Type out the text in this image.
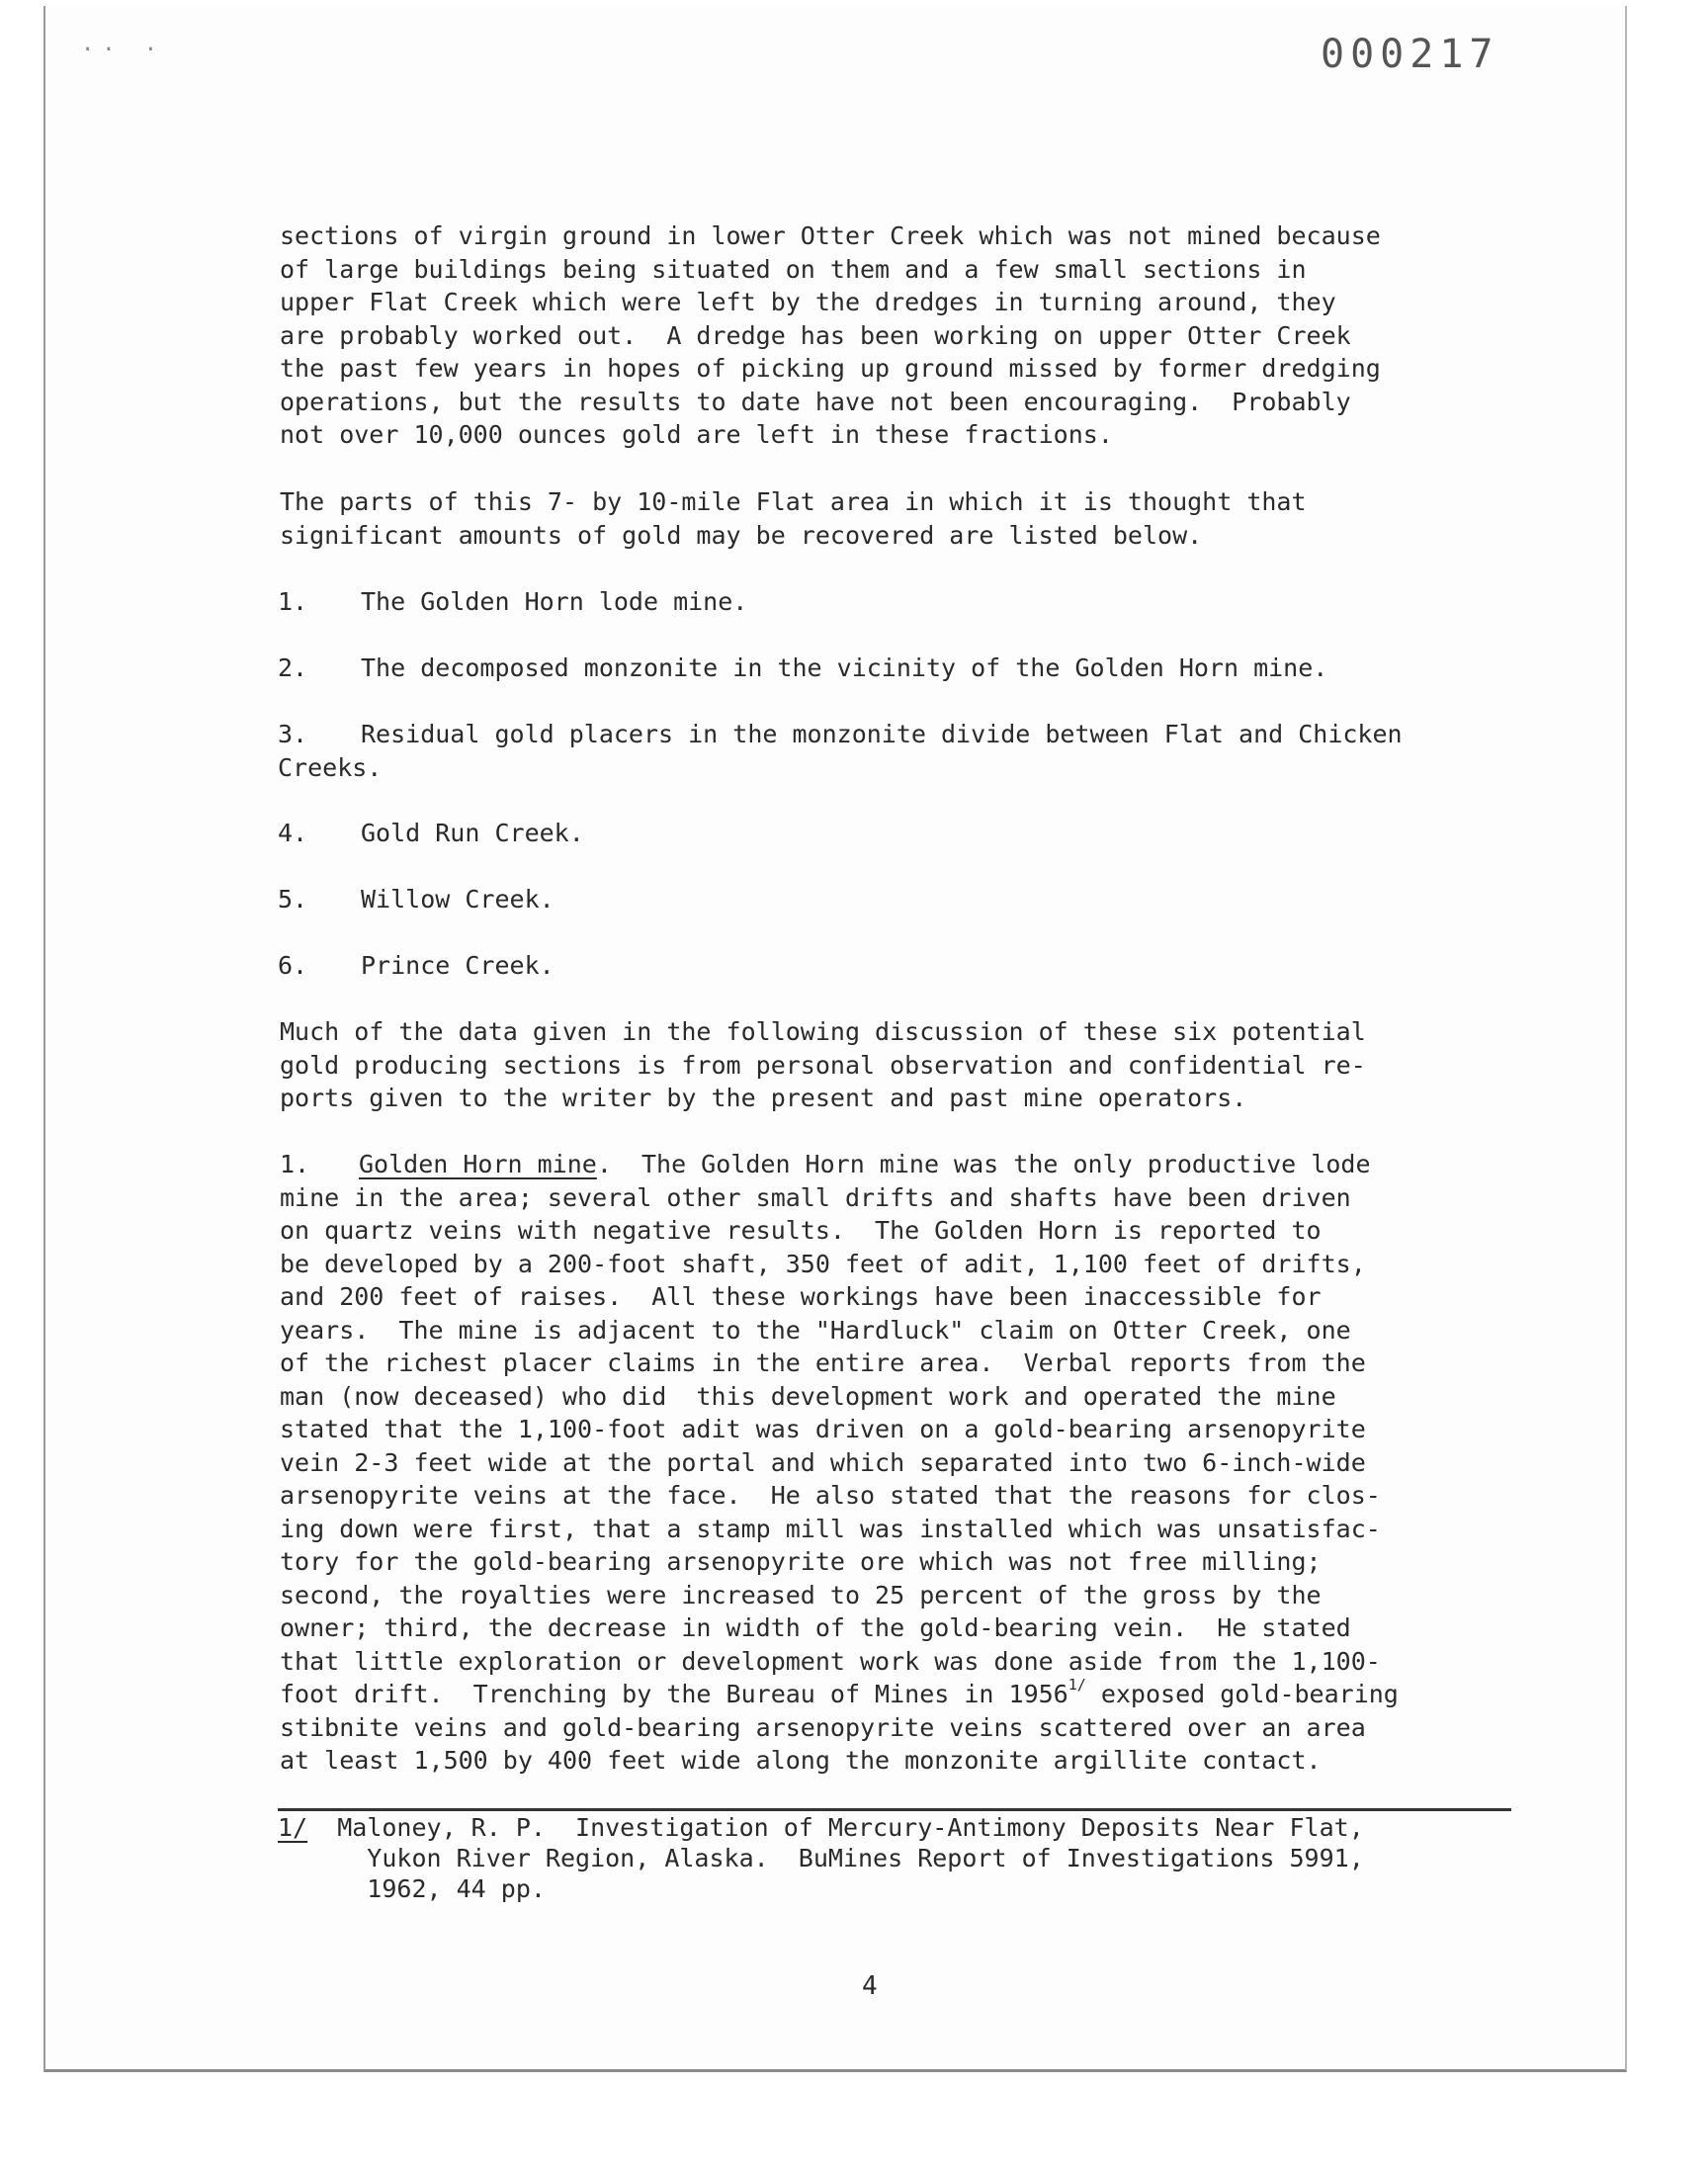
·· ·	000217
sections of virgin ground in lower Otter Creek which was not mined because
of large buildings being situated on them and a few small sections in
upper Flat Creek which were left by the dredges in turning around, they
are probably worked out.  A dredge has been working on upper Otter Creek
the past few years in hopes of picking up ground missed by former dredging
operations, but the results to date have not been encouraging.  Probably
not over 10,000 ounces gold are left in these fractions.
The parts of this 7- by 10-mile Flat area in which it is thought that
significant amounts of gold may be recovered are listed below.
1. The Golden Horn lode mine.
2. The decomposed monzonite in the vicinity of the Golden Horn mine.
3. Residual gold placers in the monzonite divide between Flat and Chicken
Creeks.
4. Gold Run Creek.
5. Willow Creek.
6. Prince Creek.
Much of the data given in the following discussion of these six potential
gold producing sections is from personal observation and confidential re-
ports given to the writer by the present and past mine operators.
1. Golden Horn mine.  The Golden Horn mine was the only productive lode
mine in the area; several other small drifts and shafts have been driven
on quartz veins with negative results.  The Golden Horn is reported to
be developed by a 200-foot shaft, 350 feet of adit, 1,100 feet of drifts,
and 200 feet of raises.  All these workings have been inaccessible for
years.  The mine is adjacent to the "Hardluck" claim on Otter Creek, one
of the richest placer claims in the entire area.  Verbal reports from the
man (now deceased) who did  this development work and operated the mine
stated that the 1,100-foot adit was driven on a gold-bearing arsenopyrite
vein 2-3 feet wide at the portal and which separated into two 6-inch-wide
arsenopyrite veins at the face.  He also stated that the reasons for clos-
ing down were first, that a stamp mill was installed which was unsatisfac-
tory for the gold-bearing arsenopyrite ore which was not free milling;
second, the royalties were increased to 25 percent of the gross by the
owner; third, the decrease in width of the gold-bearing vein.  He stated
that little exploration or development work was done aside from the 1,100-
foot drift.  Trenching by the Bureau of Mines in $1956^{1/}$ exposed gold-bearing
stibnite veins and gold-bearing arsenopyrite veins scattered over an area
at least 1,500 by 400 feet wide along the monzonite argillite contact.
1/  Maloney, R. P.  Investigation of Mercury-Antimony Deposits Near Flat,
Yukon River Region, Alaska.  BuMines Report of Investigations 5991,
1962, 44 pp.
4
